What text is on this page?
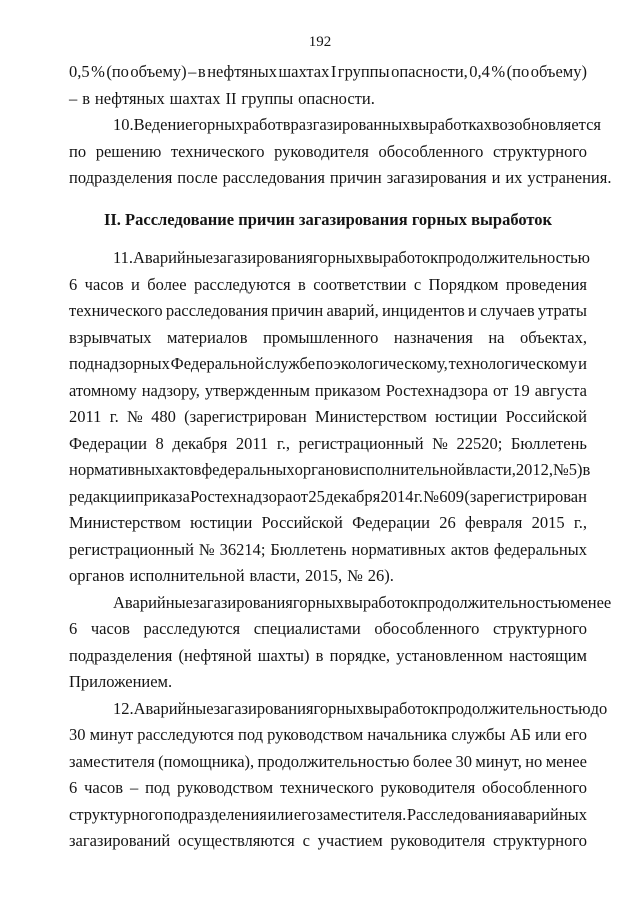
192
0,5 % (по объему) – в нефтяных шахтах I группы опасности, 0,4 % (по объему)
– в нефтяных шахтах II группы опасности.
10. Ведение горных работ в разгазированных выработках возобновляется
по решению технического руководителя обособленного структурного
подразделения после расследования причин загазирования и их устранения.
II. Расследование причин загазирования горных выработок
11. Аварийные загазирования горных выработок продолжительностью
6 часов и более расследуются в соответствии с Порядком проведения
технического расследования причин аварий, инцидентов и случаев утраты
взрывчатых материалов промышленного назначения на объектах,
поднадзорных Федеральной службе по экологическому, технологическому и
атомному надзору, утвержденным приказом Ростехнадзора от 19 августа
2011 г. № 480 (зарегистрирован Министерством юстиции Российской
Федерации 8 декабря 2011 г., регистрационный № 22520; Бюллетень
нормативных актов федеральных органов исполнительной власти, 2012, № 5) в
редакции приказа Ростехнадзора от 25 декабря 2014 г. № 609 (зарегистрирован
Министерством юстиции Российской Федерации 26 февраля 2015 г.,
регистрационный № 36214; Бюллетень нормативных актов федеральных
органов исполнительной власти, 2015, № 26).
Аварийные загазирования горных выработок продолжительностью менее
6 часов расследуются специалистами обособленного структурного
подразделения (нефтяной шахты) в порядке, установленном настоящим
Приложением.
12. Аварийные загазирования горных выработок продолжительностью до
30 минут расследуются под руководством начальника службы АБ или его
заместителя (помощника), продолжительностью более 30 минут, но менее
6 часов – под руководством технического руководителя обособленного
структурного подразделения или его заместителя. Расследования аварийных
загазирований осуществляются с участием руководителя структурного
